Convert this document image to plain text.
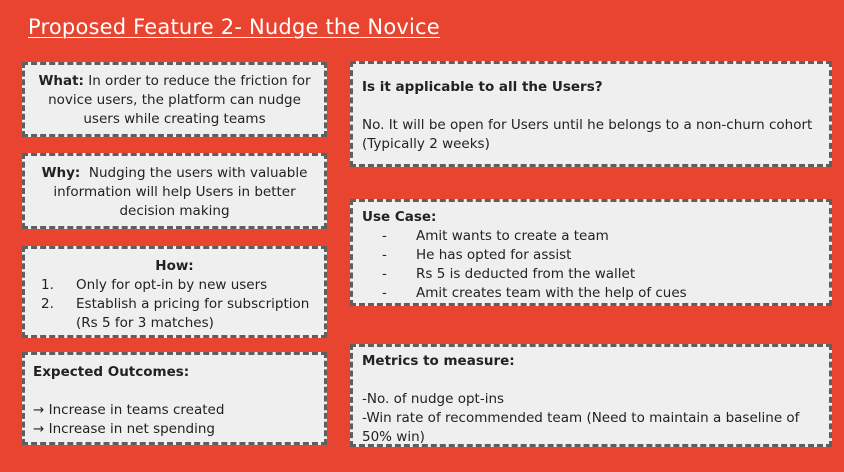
Proposed Feature 2- Nudge the Novice
What: In order to reduce the friction for
novice users, the platform can nudge
users while creating teams
Why:  Nudging the users with valuable
information will help Users in better
decision making
How:
1.	Only for opt-in by new users
2.	Establish a pricing for subscription
(Rs 5 for 3 matches)
Expected Outcomes:
→ Increase in teams created
→ Increase in net spending
Is it applicable to all the Users?
No. It will be open for Users until he belongs to a non-churn cohort
(Typically 2 weeks)
Use Case:
-	Amit wants to create a team
-	He has opted for assist
-	Rs 5 is deducted from the wallet
-	Amit creates team with the help of cues
Metrics to measure:
-No. of nudge opt-ins
-Win rate of recommended team (Need to maintain a baseline of
50% win)
